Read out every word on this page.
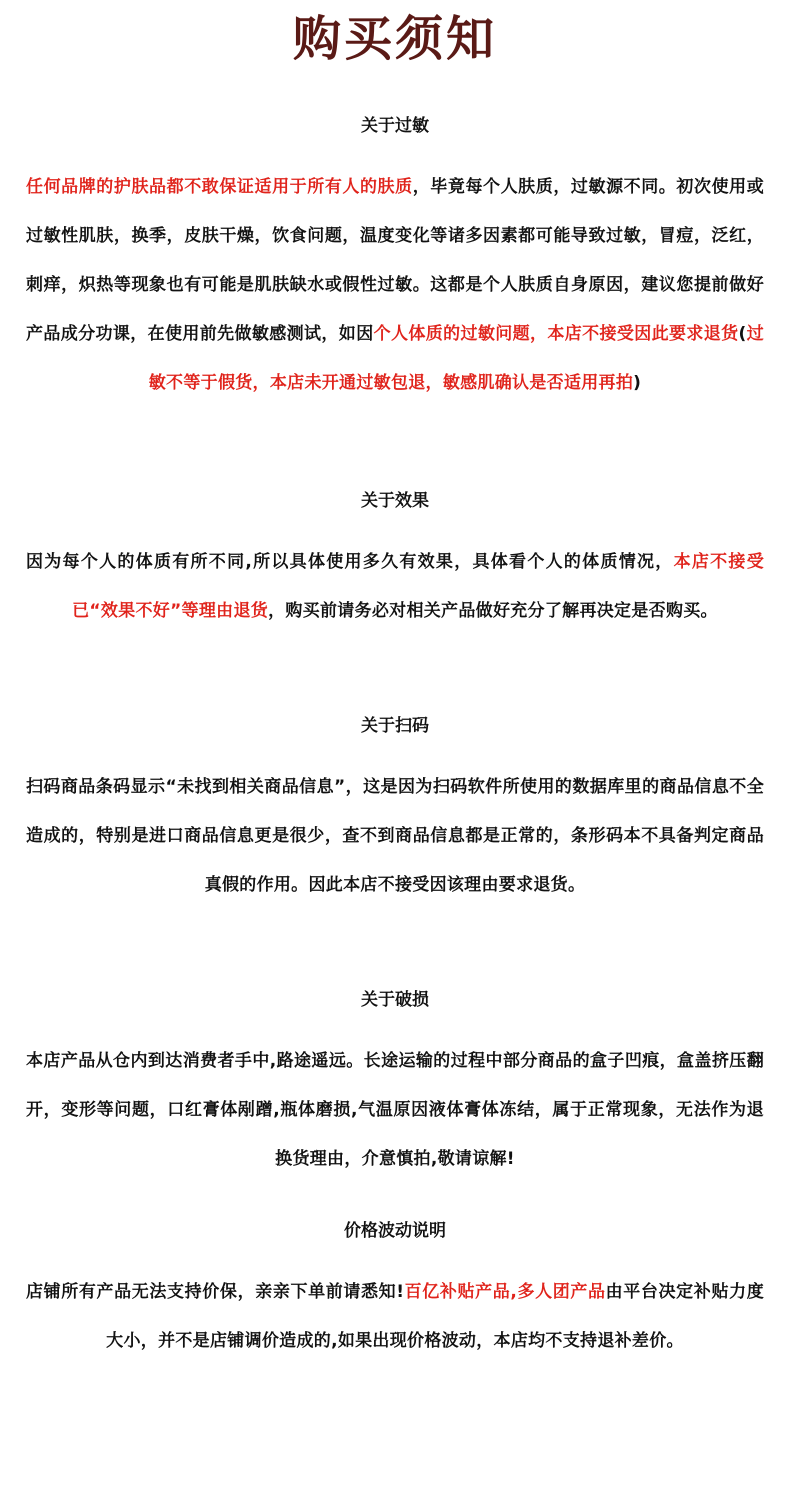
购买须知

关于过敏

任何品牌的护肤品都不敢保证适用于所有人的肤质，毕竟每个人肤质，过敏源不同。初次使用或过敏性肌肤，换季，皮肤干燥，饮食问题，温度变化等诸多因素都可能导致过敏，冒痘，泛红，刺痒，炽热等现象也有可能是肌肤缺水或假性过敏。这都是个人肤质自身原因，建议您提前做好产品成分功课，在使用前先做敏感测试，如因个人体质的过敏问题，本店不接受因此要求退货(过敏不等于假货，本店未开通过敏包退，敏感肌确认是否适用再拍)

关于效果

因为每个人的体质有所不同,所以具体使用多久有效果，具体看个人的体质情况，本店不接受已“效果不好”等理由退货，购买前请务必对相关产品做好充分了解再决定是否购买。

关于扫码

扫码商品条码显示“未找到相关商品信息”，这是因为扫码软件所使用的数据库里的商品信息不全造成的，特别是进口商品信息更是很少，查不到商品信息都是正常的，条形码本不具备判定商品真假的作用。因此本店不接受因该理由要求退货。

关于破损

本店产品从仓内到达消费者手中,路途遥远。长途运输的过程中部分商品的盒子凹痕，盒盖挤压翻开，变形等问题，口红膏体剐蹭,瓶体磨损,气温原因液体膏体冻结，属于正常现象，无法作为退换货理由，介意慎拍,敬请谅解!

价格波动说明

店铺所有产品无法支持价保，亲亲下单前请悉知!百亿补贴产品,多人团产品由平台决定补贴力度大小，并不是店铺调价造成的,如果出现价格波动，本店均不支持退补差价。
